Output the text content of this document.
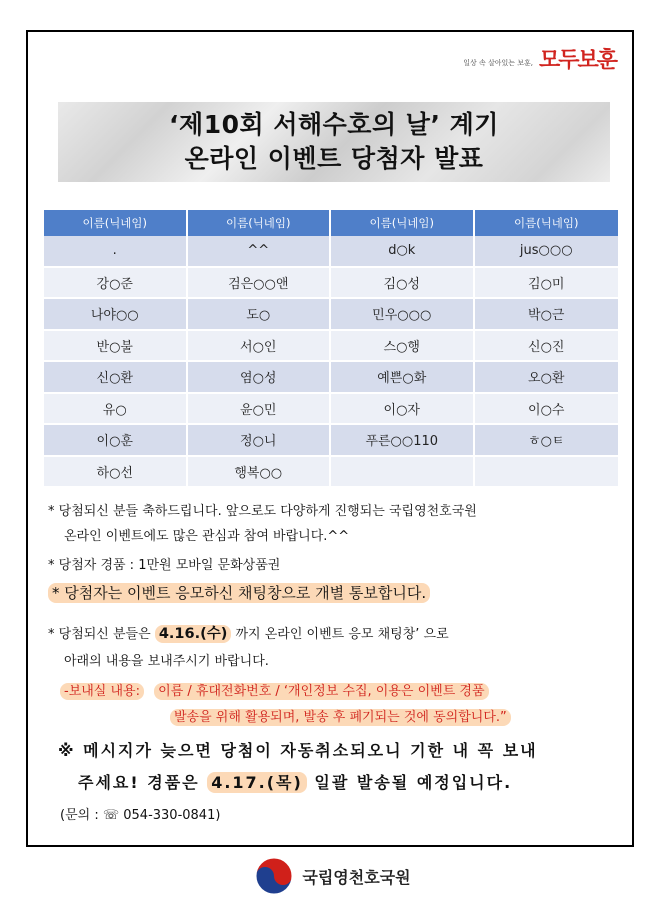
일상 속 살아있는 보훈, 모두보훈
‘제10회 서해수호의 날’ 계기
온라인 이벤트 당첨자 발표
이름(닉네임)	이름(닉네임)	이름(닉네임)	이름(닉네임)
.	^^	d○k	jus○○○
강○준	검은○○앤	김○성	김○미
나야○○	도○	민우○○○	박○근
반○불	서○인	스○행	신○진
신○환	염○성	예쁜○화	오○환
유○	윤○민	이○자	이○수
이○훈	정○니	푸른○○110	ㅎ○ㅌ
하○선	행복○○		
* 당첨되신 분들 축하드립니다. 앞으로도 다양하게 진행되는 국립영천호국원
온라인 이벤트에도 많은 관심과 참여 바랍니다.^^
* 당첨자 경품 : 1만원 모바일 문화상품권
* 당첨자는 이벤트 응모하신 채팅창으로 개별 통보합니다.
* 당첨되신 분들은 4.16.(수) 까지 온라인 이벤트 응모 채팅창’ 으로
아래의 내용을 보내주시기 바랍니다.
-보내실 내용: 이름 / 휴대전화번호 / ‘개인정보 수집, 이용은 이벤트 경품
발송을 위해 활용되며, 발송 후 폐기되는 것에 동의합니다.”
※ 메시지가 늦으면 당첨이 자동취소되오니 기한 내 꼭 보내
주세요! 경품은 4.17.(목) 일괄 발송될 예정입니다.
(문의 : ☏ 054-330-0841)
국립영천호국원
